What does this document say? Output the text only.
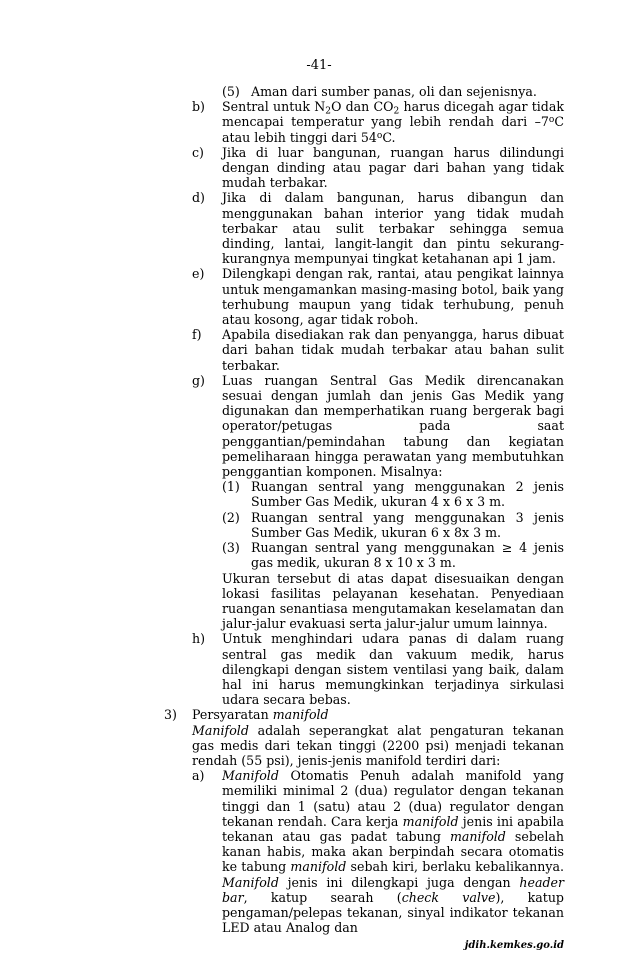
-41-
(5) Aman dari sumber panas, oli dan sejenisnya.
b) Sentral untuk $N_2O$ dan $CO_2$ harus dicegah agar tidak mencapai temperatur yang lebih rendah dari –7$^o$C atau lebih tinggi dari 54$^o$C.
c) Jika di luar bangunan, ruangan harus dilindungi dengan dinding atau pagar dari bahan yang tidak mudah terbakar.
d) Jika di dalam bangunan, harus dibangun dan menggunakan bahan interior yang tidak mudah terbakar atau sulit terbakar sehingga semua dinding, lantai, langit-langit dan pintu sekurang-kurangnya mempunyai tingkat ketahanan api 1 jam.
e) Dilengkapi dengan rak, rantai, atau pengikat lainnya untuk mengamankan masing-masing botol, baik yang terhubung maupun yang tidak terhubung, penuh atau kosong, agar tidak roboh.
f) Apabila disediakan rak dan penyangga, harus dibuat dari bahan tidak mudah terbakar atau bahan sulit terbakar.
g) Luas ruangan Sentral Gas Medik direncanakan sesuai dengan jumlah dan jenis Gas Medik yang digunakan dan memperhatikan ruang bergerak bagi operator/petugas pada saat penggantian/pemindahan tabung dan kegiatan pemeliharaan hingga perawatan yang membutuhkan penggantian komponen. Misalnya:
(1) Ruangan sentral yang menggunakan 2 jenis Sumber Gas Medik, ukuran 4 x 6 x 3 m.
(2) Ruangan sentral yang menggunakan 3 jenis Sumber Gas Medik, ukuran 6 x 8x 3 m.
(3) Ruangan sentral yang menggunakan ≥ 4 jenis gas medik, ukuran 8 x 10 x 3 m.
Ukuran tersebut di atas dapat disesuaikan dengan lokasi fasilitas pelayanan kesehatan. Penyediaan ruangan senantiasa mengutamakan keselamatan dan jalur-jalur evakuasi serta jalur-jalur umum lainnya.
h) Untuk menghindari udara panas di dalam ruang sentral gas medik dan vakuum medik, harus dilengkapi dengan sistem ventilasi yang baik, dalam hal ini harus memungkinkan terjadinya sirkulasi udara secara bebas.
3) Persyaratan manifold
Manifold adalah seperangkat alat pengaturan tekanan gas medis dari tekan tinggi (2200 psi) menjadi tekanan rendah (55 psi), jenis-jenis manifold terdiri dari:
a) Manifold Otomatis Penuh adalah manifold yang memiliki minimal 2 (dua) regulator dengan tekanan tinggi dan 1 (satu) atau 2 (dua) regulator dengan tekanan rendah. Cara kerja manifold jenis ini apabila tekanan atau gas padat tabung manifold sebelah kanan habis, maka akan berpindah secara otomatis ke tabung manifold sebah kiri, berlaku kebalikannya. Manifold jenis ini dilengkapi juga dengan header bar, katup searah (check valve), katup pengaman/pelepas tekanan, sinyal indikator tekanan LED atau Analog dan
jdih.kemkes.go.id
